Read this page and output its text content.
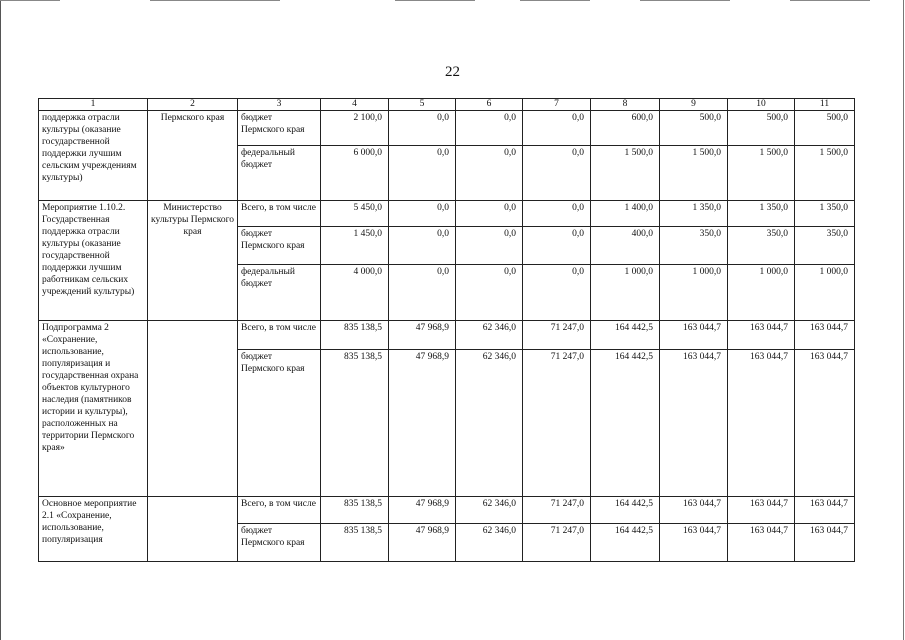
22
1	2	3	4	5	6	7	8	9	10	11
поддержка отрасли культуры (оказание государственной поддержки лучшим сельским учреждениям культуры)	Пермского края	бюджет Пермского края	2 100,0	0,0	0,0	0,0	600,0	500,0	500,0	500,0
		федеральный бюджет	6 000,0	0,0	0,0	0,0	1 500,0	1 500,0	1 500,0	1 500,0
Мероприятие 1.10.2. Государственная поддержка отрасли культуры (оказание государственной поддержки лучшим работникам сельских учреждений культуры)	Министерство культуры Пермского края	Всего, в том числе	5 450,0	0,0	0,0	0,0	1 400,0	1 350,0	1 350,0	1 350,0
		бюджет Пермского края	1 450,0	0,0	0,0	0,0	400,0	350,0	350,0	350,0
		федеральный бюджет	4 000,0	0,0	0,0	0,0	1 000,0	1 000,0	1 000,0	1 000,0
Подпрограмма 2 «Сохранение, использование, популяризация и государственная охрана объектов культурного наследия (памятников истории и культуры), расположенных на территории Пермского края»		Всего, в том числе	835 138,5	47 968,9	62 346,0	71 247,0	164 442,5	163 044,7	163 044,7	163 044,7
		бюджет Пермского края	835 138,5	47 968,9	62 346,0	71 247,0	164 442,5	163 044,7	163 044,7	163 044,7
Основное мероприятие 2.1 «Сохранение, использование, популяризация		Всего, в том числе	835 138,5	47 968,9	62 346,0	71 247,0	164 442,5	163 044,7	163 044,7	163 044,7
		бюджет Пермского края	835 138,5	47 968,9	62 346,0	71 247,0	164 442,5	163 044,7	163 044,7	163 044,7
